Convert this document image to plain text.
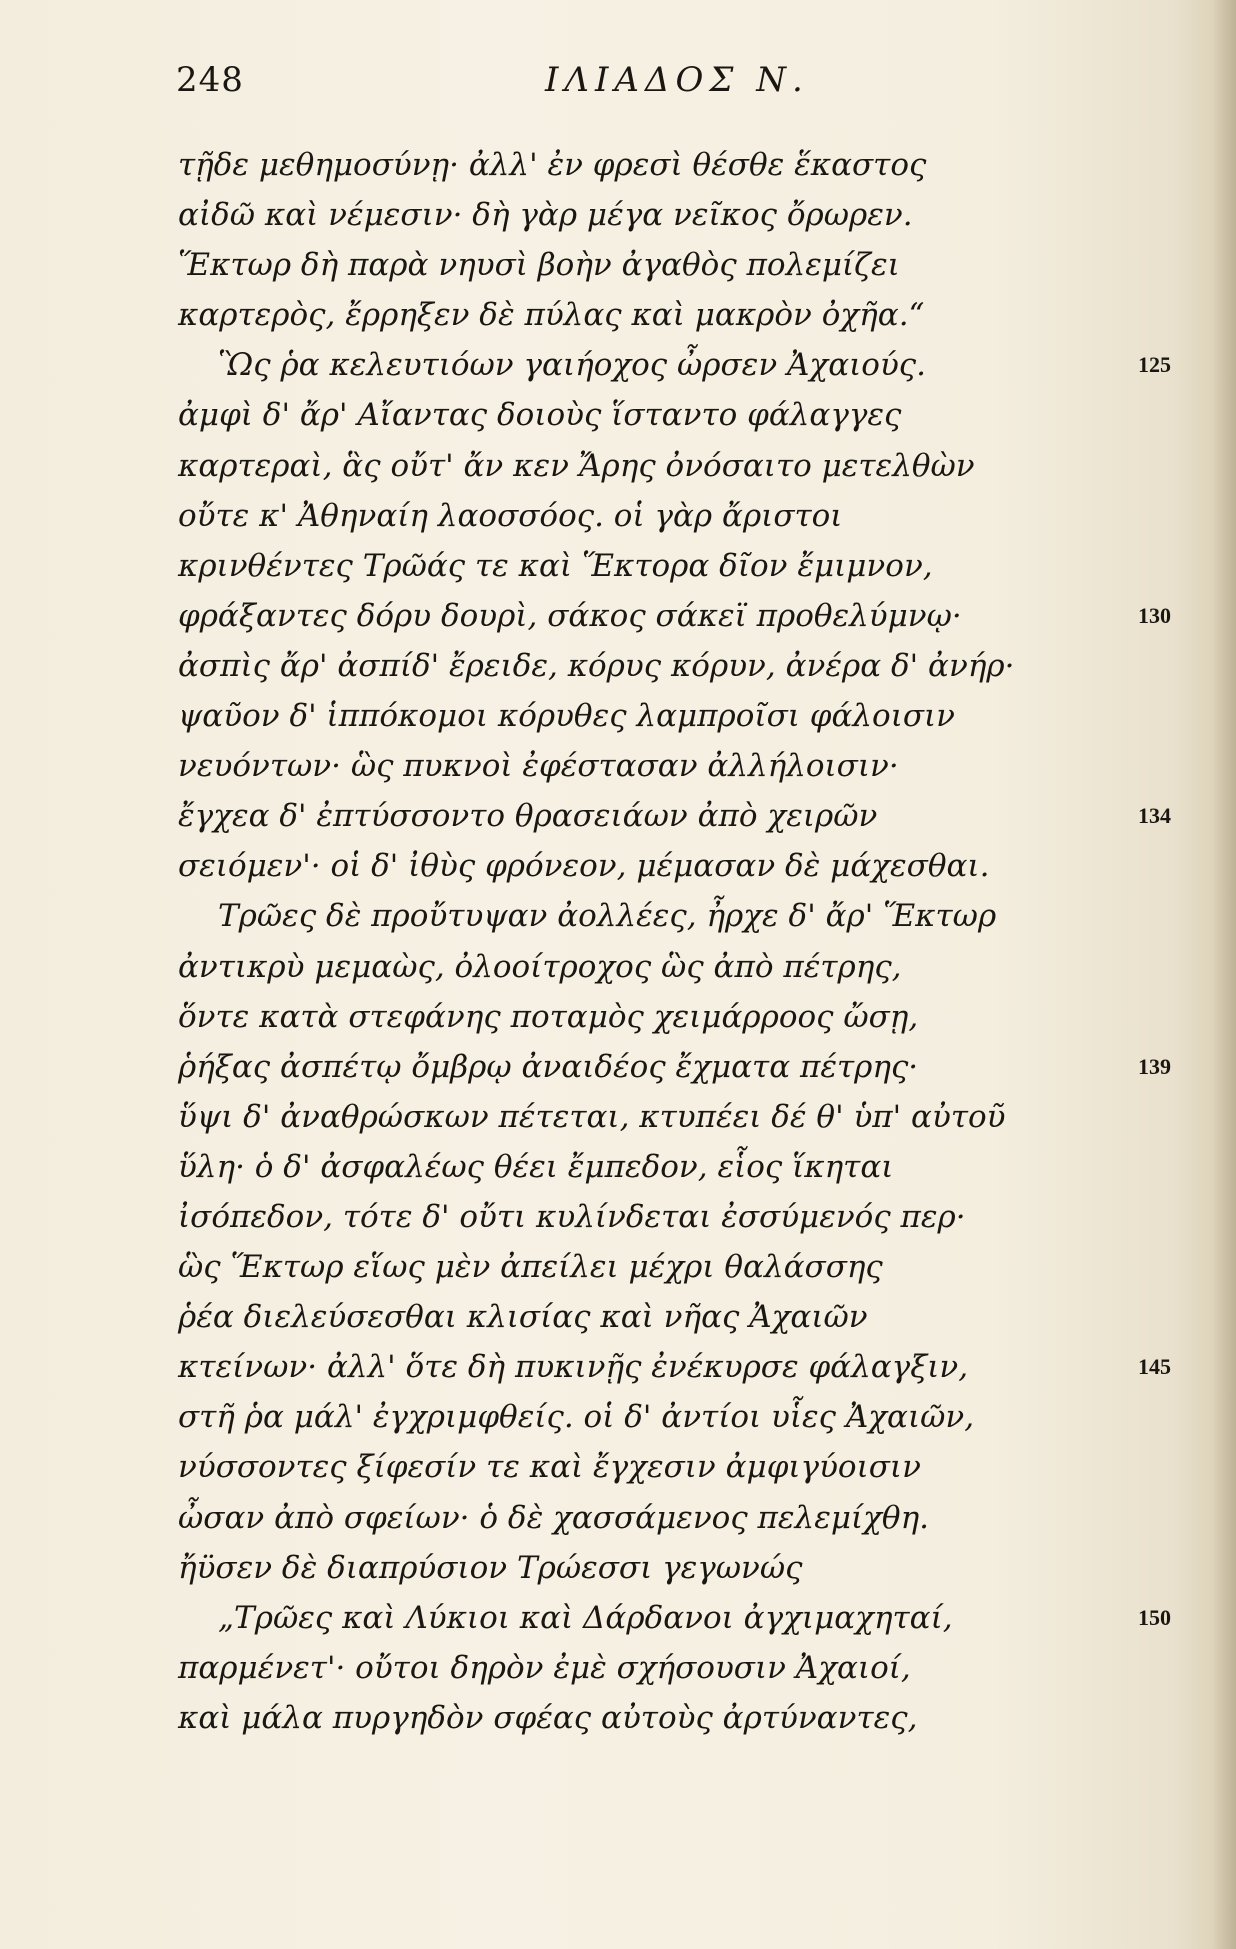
248	ΙΛΙΑΔΟΣ Ν.
τῇδε μεθημοσύνῃ· ἀλλ' ἐν φρεσὶ θέσθε ἕκαστος
αἰδῶ καὶ νέμεσιν· δὴ γὰρ μέγα νεῖκος ὄρωρεν.
Ἕκτωρ δὴ παρὰ νηυσὶ βοὴν ἀγαθὸς πολεμίζει
καρτερὸς, ἔρρηξεν δὲ πύλας καὶ μακρὸν ὀχῆα.“
Ὣς ῥα κελευτιόων γαιήοχος ὦρσεν Ἀχαιούς.	125
ἀμφὶ δ' ἄρ' Αἴαντας δοιοὺς ἵσταντο φάλαγγες
καρτεραὶ, ἃς οὔτ' ἄν κεν Ἄρης ὀνόσαιτο μετελθὼν
οὔτε κ' Ἀθηναίη λαοσσόος. οἱ γὰρ ἄριστοι
κρινθέντες Τρῶάς τε καὶ Ἕκτορα δῖον ἔμιμνον,
φράξαντες δόρυ δουρὶ, σάκος σάκεϊ προθελύμνῳ·	130
ἀσπὶς ἄρ' ἀσπίδ' ἔρειδε, κόρυς κόρυν, ἀνέρα δ' ἀνήρ·
ψαῦον δ' ἱππόκομοι κόρυθες λαμπροῖσι φάλοισιν
νευόντων· ὣς πυκνοὶ ἐφέστασαν ἀλλήλοισιν·
ἔγχεα δ' ἐπτύσσοντο θρασειάων ἀπὸ χειρῶν	134
σειόμεν'· οἱ δ' ἰθὺς φρόνεον, μέμασαν δὲ μάχεσθαι.
Τρῶες δὲ προὔτυψαν ἀολλέες, ἦρχε δ' ἄρ' Ἕκτωρ
ἀντικρὺ μεμαὼς, ὀλοοίτροχος ὣς ἀπὸ πέτρης,
ὅντε κατὰ στεφάνης ποταμὸς χειμάρροος ὤσῃ,
ῥήξας ἀσπέτῳ ὄμβρῳ ἀναιδέος ἔχματα πέτρης·	139
ὕψι δ' ἀναθρώσκων πέτεται, κτυπέει δέ θ' ὑπ' αὐτοῦ
ὕλη· ὁ δ' ἀσφαλέως θέει ἔμπεδον, εἷος ἵκηται
ἰσόπεδον, τότε δ' οὔτι κυλίνδεται ἐσσύμενός περ·
ὣς Ἕκτωρ εἵως μὲν ἀπείλει μέχρι θαλάσσης
ῥέα διελεύσεσθαι κλισίας καὶ νῆας Ἀχαιῶν
κτείνων· ἀλλ' ὅτε δὴ πυκινῇς ἐνέκυρσε φάλαγξιν,	145
στῆ ῥα μάλ' ἐγχριμφθείς. οἱ δ' ἀντίοι υἷες Ἀχαιῶν,
νύσσοντες ξίφεσίν τε καὶ ἔγχεσιν ἀμφιγύοισιν
ὦσαν ἀπὸ σφείων· ὁ δὲ χασσάμενος πελεμίχθη.
ἤϋσεν δὲ διαπρύσιον Τρώεσσι γεγωνώς
„Τρῶες καὶ Λύκιοι καὶ Δάρδανοι ἀγχιμαχηταί,	150
παρμένετ'· οὔτοι δηρὸν ἐμὲ σχήσουσιν Ἀχαιοί,
καὶ μάλα πυργηδὸν σφέας αὐτοὺς ἀρτύναντες,
